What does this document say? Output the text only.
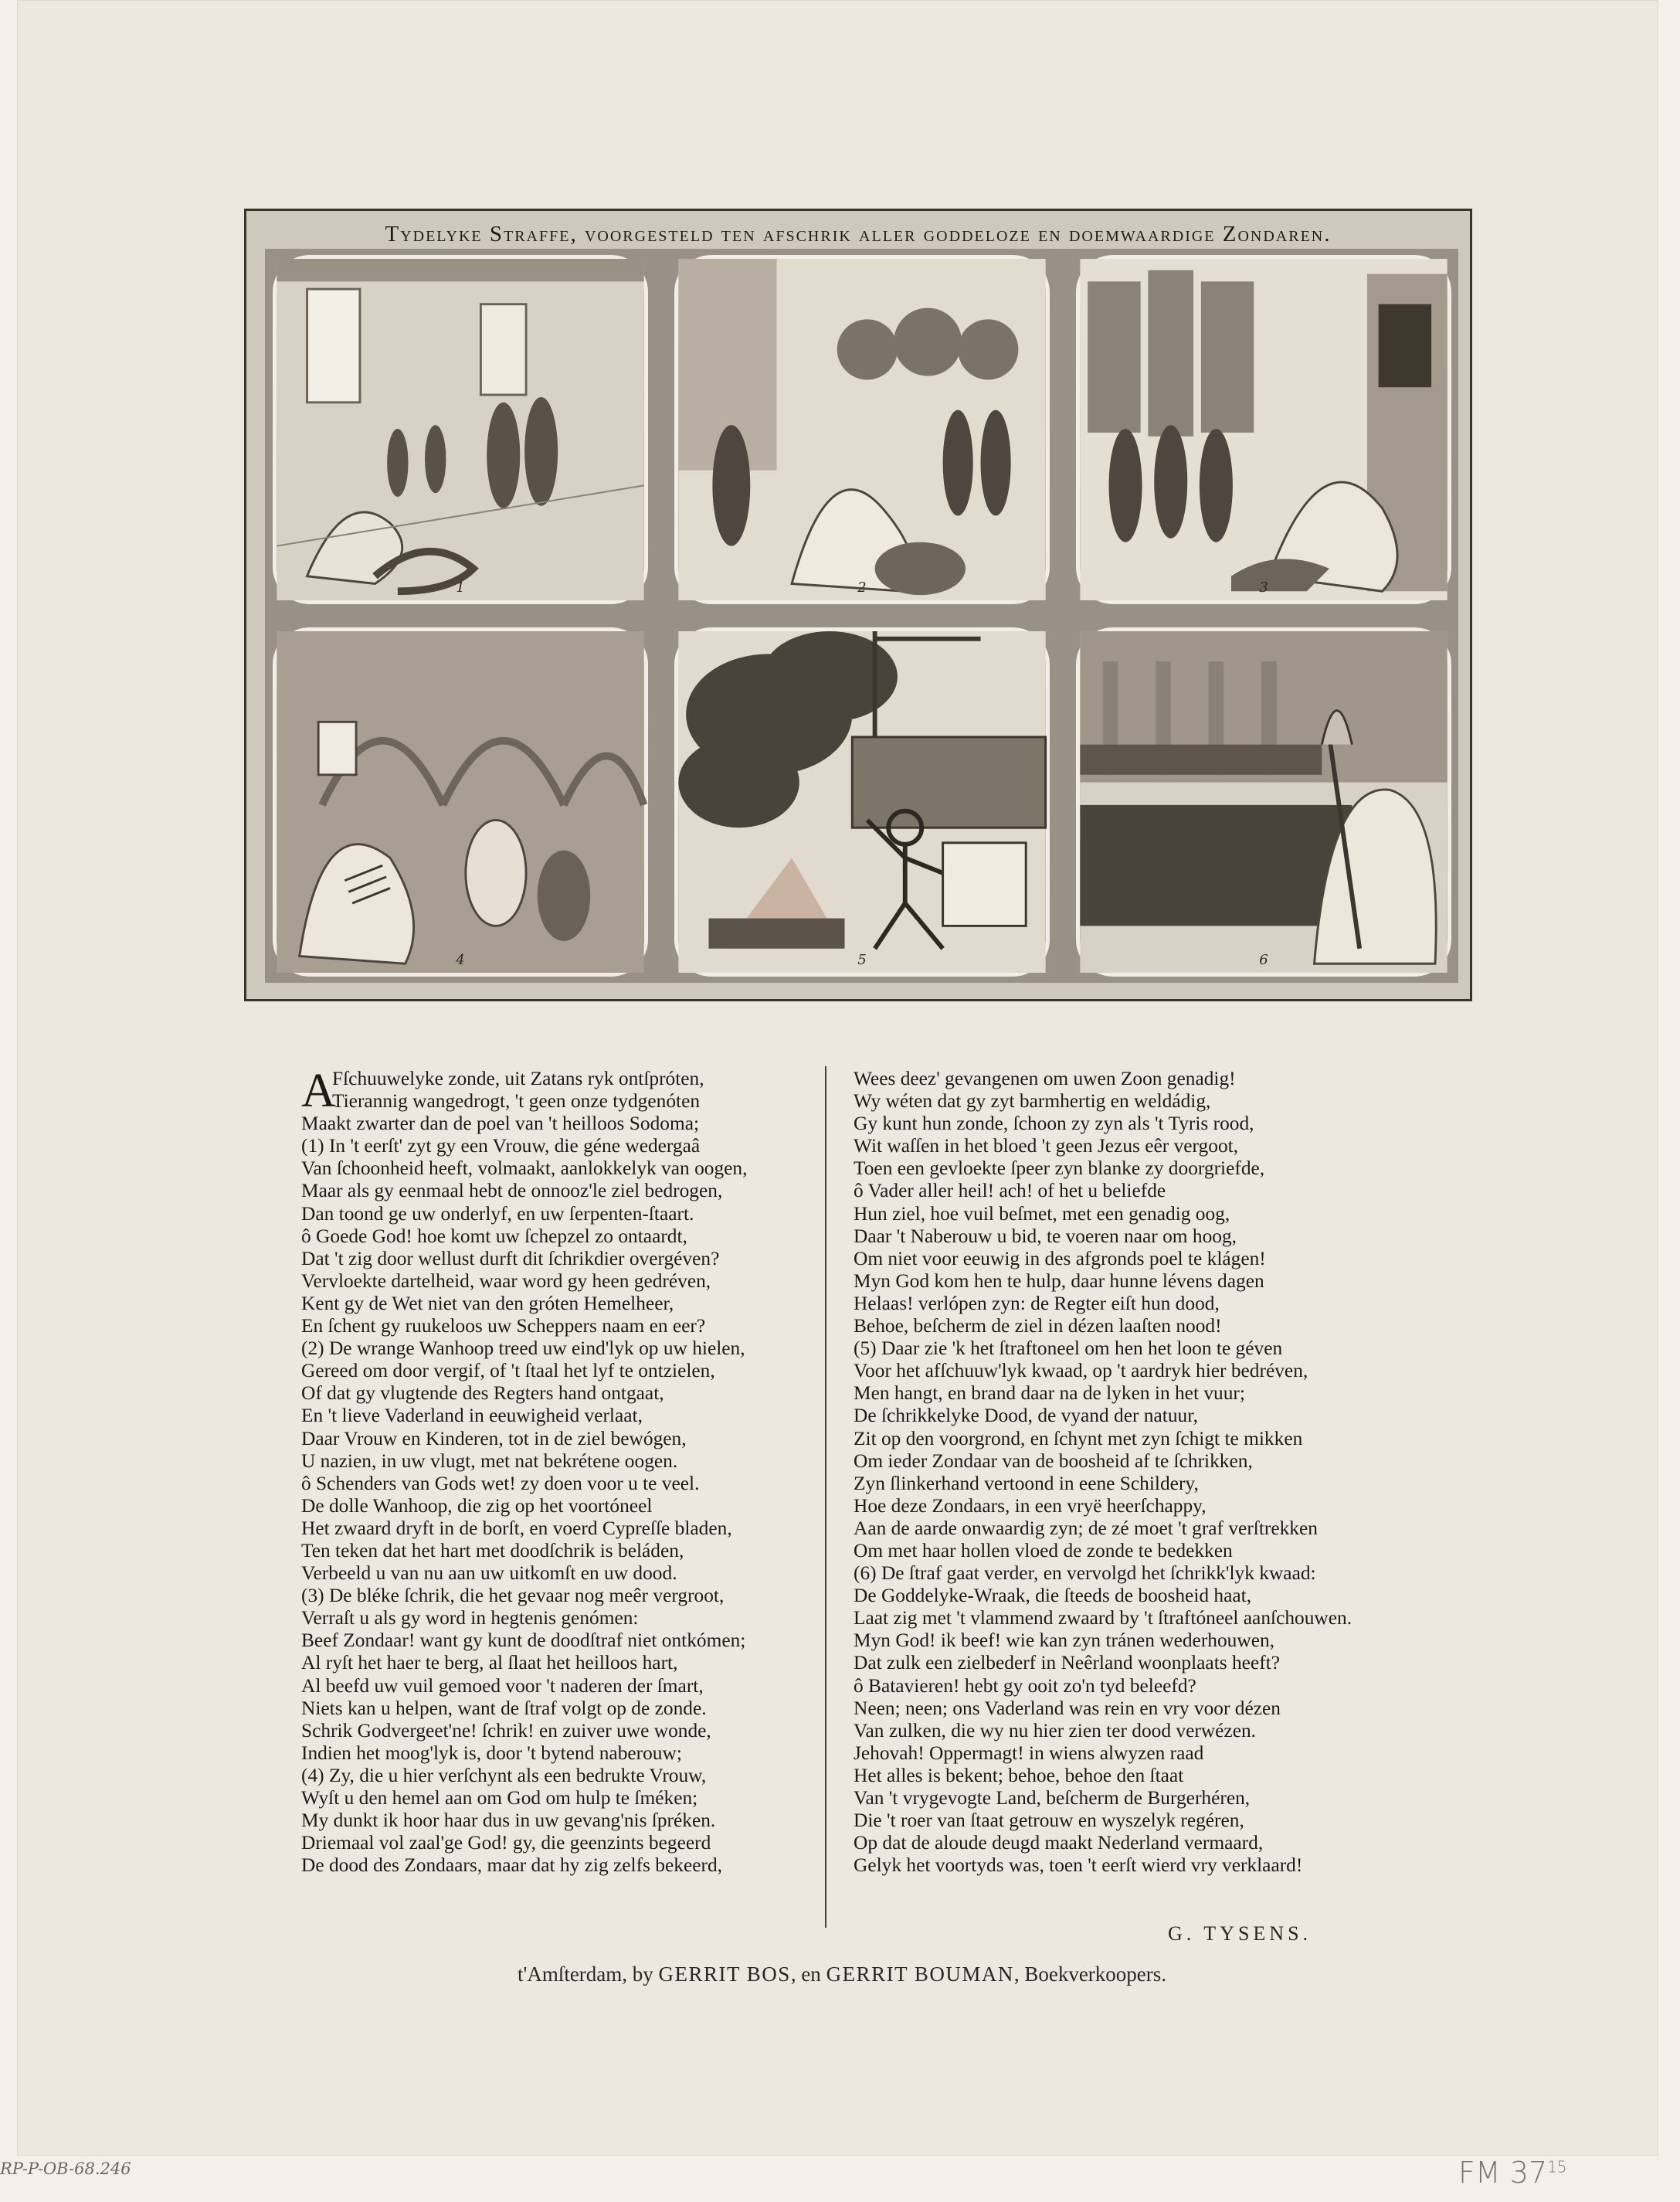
Tydelyke Straffe, voorgesteld ten afschrik aller goddeloze en doemwaardige Zondaren.
1	2	3
4	5	6
A
Fſchuuwelyke zonde, uit Zatans ryk ontſpróten,
Tierannig wangedrogt, 't geen onze tydgenóten
Maakt zwarter dan de poel van 't heilloos Sodoma;
(1) In 't eerſt' zyt gy een Vrouw, die géne wedergaâ
Van ſchoonheid heeft, volmaakt, aanlokkelyk van oogen,
Maar als gy eenmaal hebt de onnooz'le ziel bedrogen,
Dan toond ge uw onderlyf, en uw ſerpenten-ſtaart.
ô Goede God! hoe komt uw ſchepzel zo ontaardt,
Dat 't zig door wellust durft dit ſchrikdier overgéven?
Vervloekte dartelheid, waar word gy heen gedréven,
Kent gy de Wet niet van den gróten Hemelheer,
En ſchent gy ruukeloos uw Scheppers naam en eer?
(2) De wrange Wanhoop treed uw eind'lyk op uw hielen,
Gereed om door vergif, of 't ſtaal het lyf te ontzielen,
Of dat gy vlugtende des Regters hand ontgaat,
En 't lieve Vaderland in eeuwigheid verlaat,
Daar Vrouw en Kinderen, tot in de ziel bewógen,
U nazien, in uw vlugt, met nat bekrétene oogen.
ô Schenders van Gods wet! zy doen voor u te veel.
De dolle Wanhoop, die zig op het voortóneel
Het zwaard dryft in de borſt, en voerd Cypreſſe bladen,
Ten teken dat het hart met doodſchrik is beláden,
Verbeeld u van nu aan uw uitkomſt en uw dood.
(3) De bléke ſchrik, die het gevaar nog meêr vergroot,
Verraſt u als gy word in hegtenis genómen:
Beef Zondaar! want gy kunt de doodſtraf niet ontkómen;
Al ryſt het haer te berg, al ſlaat het heilloos hart,
Al beefd uw vuil gemoed voor 't naderen der ſmart,
Niets kan u helpen, want de ſtraf volgt op de zonde.
Schrik Godvergeet'ne! ſchrik! en zuiver uwe wonde,
Indien het moog'lyk is, door 't bytend naberouw;
(4) Zy, die u hier verſchynt als een bedrukte Vrouw,
Wyſt u den hemel aan om God om hulp te ſméken;
My dunkt ik hoor haar dus in uw gevang'nis ſpréken.
Driemaal vol zaal'ge God! gy, die geenzints begeerd
De dood des Zondaars, maar dat hy zig zelfs bekeerd,
Wees deez' gevangenen om uwen Zoon genadig!
Wy wéten dat gy zyt barmhertig en weldádig,
Gy kunt hun zonde, ſchoon zy zyn als 't Tyris rood,
Wit waſſen in het bloed 't geen Jezus eêr vergoot,
Toen een gevloekte ſpeer zyn blanke zy doorgriefde,
ô Vader aller heil! ach! of het u beliefde
Hun ziel, hoe vuil beſmet, met een genadig oog,
Daar 't Naberouw u bid, te voeren naar om hoog,
Om niet voor eeuwig in des afgronds poel te klágen!
Myn God kom hen te hulp, daar hunne lévens dagen
Helaas! verlópen zyn: de Regter eiſt hun dood,
Behoe, beſcherm de ziel in dézen laaſten nood!
(5) Daar zie 'k het ſtraftoneel om hen het loon te géven
Voor het afſchuuw'lyk kwaad, op 't aardryk hier bedréven,
Men hangt, en brand daar na de lyken in het vuur;
De ſchrikkelyke Dood, de vyand der natuur,
Zit op den voorgrond, en ſchynt met zyn ſchigt te mikken
Om ieder Zondaar van de boosheid af te ſchrikken,
Zyn ſlinkerhand vertoond in eene Schildery,
Hoe deze Zondaars, in een vryë heerſchappy,
Aan de aarde onwaardig zyn; de zé moet 't graf verſtrekken
Om met haar hollen vloed de zonde te bedekken
(6) De ſtraf gaat verder, en vervolgd het ſchrikk'lyk kwaad:
De Goddelyke-Wraak, die ſteeds de boosheid haat,
Laat zig met 't vlammend zwaard by 't ſtraftóneel aanſchouwen.
Myn God! ik beef! wie kan zyn tránen wederhouwen,
Dat zulk een zielbederf in Neêrland woonplaats heeft?
ô Batavieren! hebt gy ooit zo'n tyd beleefd?
Neen; neen; ons Vaderland was rein en vry voor dézen
Van zulken, die wy nu hier zien ter dood verwézen.
Jehovah! Oppermagt! in wiens alwyzen raad
Het alles is bekent; behoe, behoe den ſtaat
Van 't vrygevogte Land, beſcherm de Burgerhéren,
Die 't roer van ſtaat getrouw en wyszelyk regéren,
Op dat de aloude deugd maakt Nederland vermaard,
Gelyk het voortyds was, toen 't eerſt wierd vry verklaard!
G. TYSENS.
t'Amſterdam, by GERRIT BOS, en GERRIT BOUMAN, Boekverkoopers.
RP-P-OB-68.246	FM $37^{15}$
